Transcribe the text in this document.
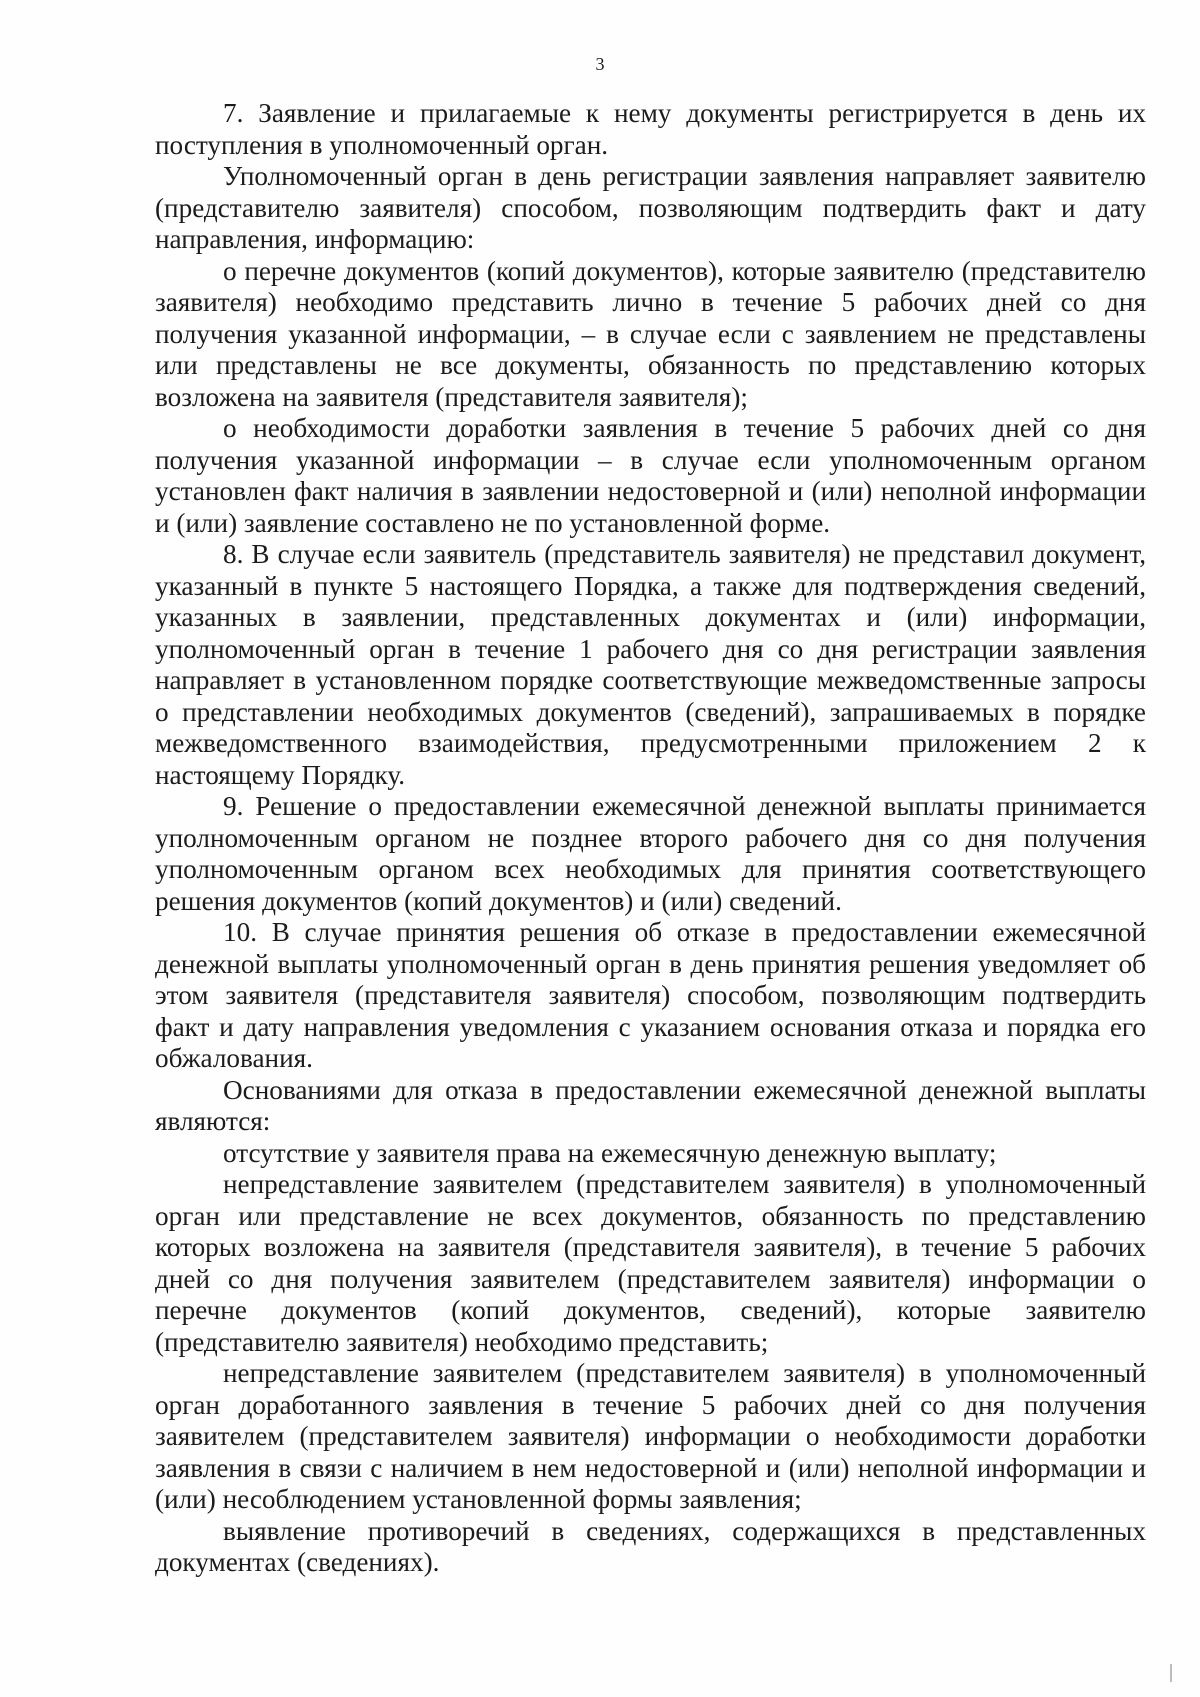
3

7. Заявление и прилагаемые к нему документы регистрируется в день их поступления в уполномоченный орган.

Уполномоченный орган в день регистрации заявления направляет заявителю (представителю заявителя) способом, позволяющим подтвердить факт и дату направления, информацию:

о перечне документов (копий документов), которые заявителю (представителю заявителя) необходимо представить лично в течение 5 рабочих дней со дня получения указанной информации, – в случае если с заявлением не представлены или представлены не все документы, обязанность по представлению которых возложена на заявителя (представителя заявителя);

о необходимости доработки заявления в течение 5 рабочих дней со дня получения указанной информации – в случае если уполномоченным органом установлен факт наличия в заявлении недостоверной и (или) неполной информации и (или) заявление составлено не по установленной форме.

8. В случае если заявитель (представитель заявителя) не представил документ, указанный в пункте 5 настоящего Порядка, а также для подтверждения сведений, указанных в заявлении, представленных документах и (или) информации, уполномоченный орган в течение 1 рабочего дня со дня регистрации заявления направляет в установленном порядке соответствующие межведомственные запросы о представлении необходимых документов (сведений), запрашиваемых в порядке межведомственного взаимодействия, предусмотренными приложением 2 к настоящему Порядку.

9. Решение о предоставлении ежемесячной денежной выплаты принимается уполномоченным органом не позднее второго рабочего дня со дня получения уполномоченным органом всех необходимых для принятия соответствующего решения документов (копий документов) и (или) сведений.

10. В случае принятия решения об отказе в предоставлении ежемесячной денежной выплаты уполномоченный орган в день принятия решения уведомляет об этом заявителя (представителя заявителя) способом, позволяющим подтвердить факт и дату направления уведомления с указанием основания отказа и порядка его обжалования.

Основаниями для отказа в предоставлении ежемесячной денежной выплаты являются:

отсутствие у заявителя права на ежемесячную денежную выплату;

непредставление заявителем (представителем заявителя) в уполномоченный орган или представление не всех документов, обязанность по представлению которых возложена на заявителя (представителя заявителя), в течение 5 рабочих дней со дня получения заявителем (представителем заявителя) информации о перечне документов (копий документов, сведений), которые заявителю (представителю заявителя) необходимо представить;

непредставление заявителем (представителем заявителя) в уполномоченный орган доработанного заявления в течение 5 рабочих дней со дня получения заявителем (представителем заявителя) информации о необходимости доработки заявления в связи с наличием в нем недостоверной и (или) неполной информации и (или) несоблюдением установленной формы заявления;

выявление противоречий в сведениях, содержащихся в представленных документах (сведениях).
